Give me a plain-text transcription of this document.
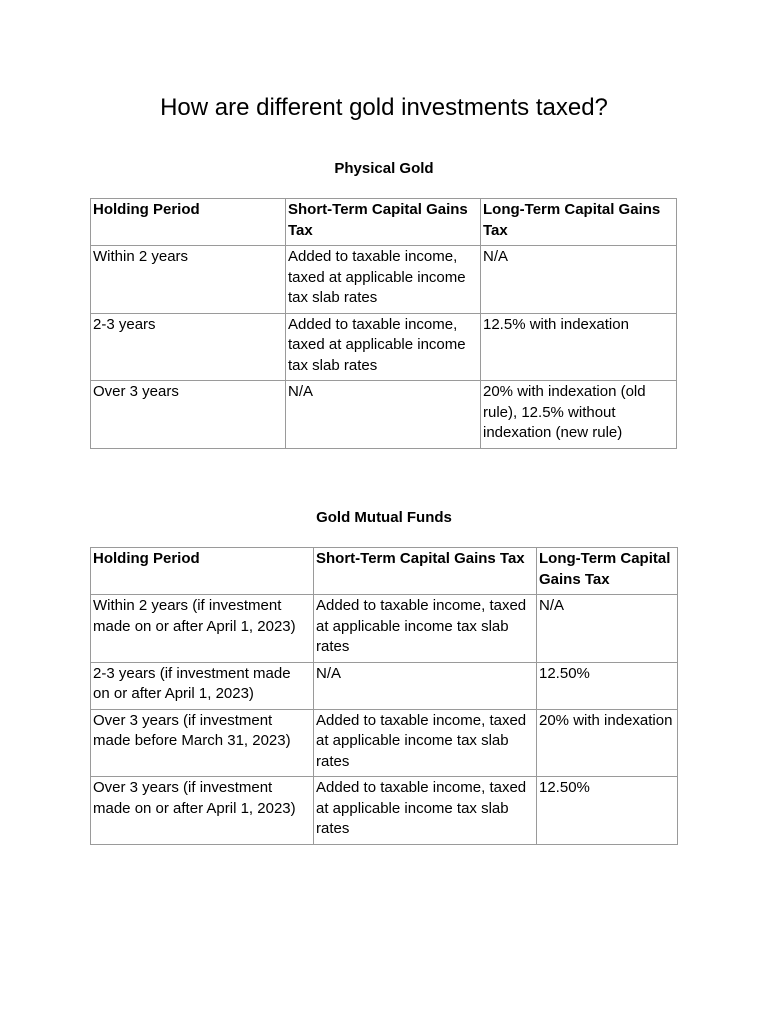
How are different gold investments taxed?
Physical Gold
Holding Period	Short-Term Capital Gains Tax	Long-Term Capital Gains Tax
Within 2 years	Added to taxable income, taxed at applicable income tax slab rates	N/A
2-3 years	Added to taxable income, taxed at applicable income tax slab rates	12.5% with indexation
Over 3 years	N/A	20% with indexation (old rule), 12.5% without indexation (new rule)
Gold Mutual Funds
Holding Period	Short-Term Capital Gains Tax	Long-Term Capital Gains Tax
Within 2 years (if investment made on or after April 1, 2023)	Added to taxable income, taxed at applicable income tax slab rates	N/A
2-3 years (if investment made on or after April 1, 2023)	N/A	12.50%
Over 3 years (if investment made before March 31, 2023)	Added to taxable income, taxed at applicable income tax slab rates	20% with indexation
Over 3 years (if investment made on or after April 1, 2023)	Added to taxable income, taxed at applicable income tax slab rates	12.50%
